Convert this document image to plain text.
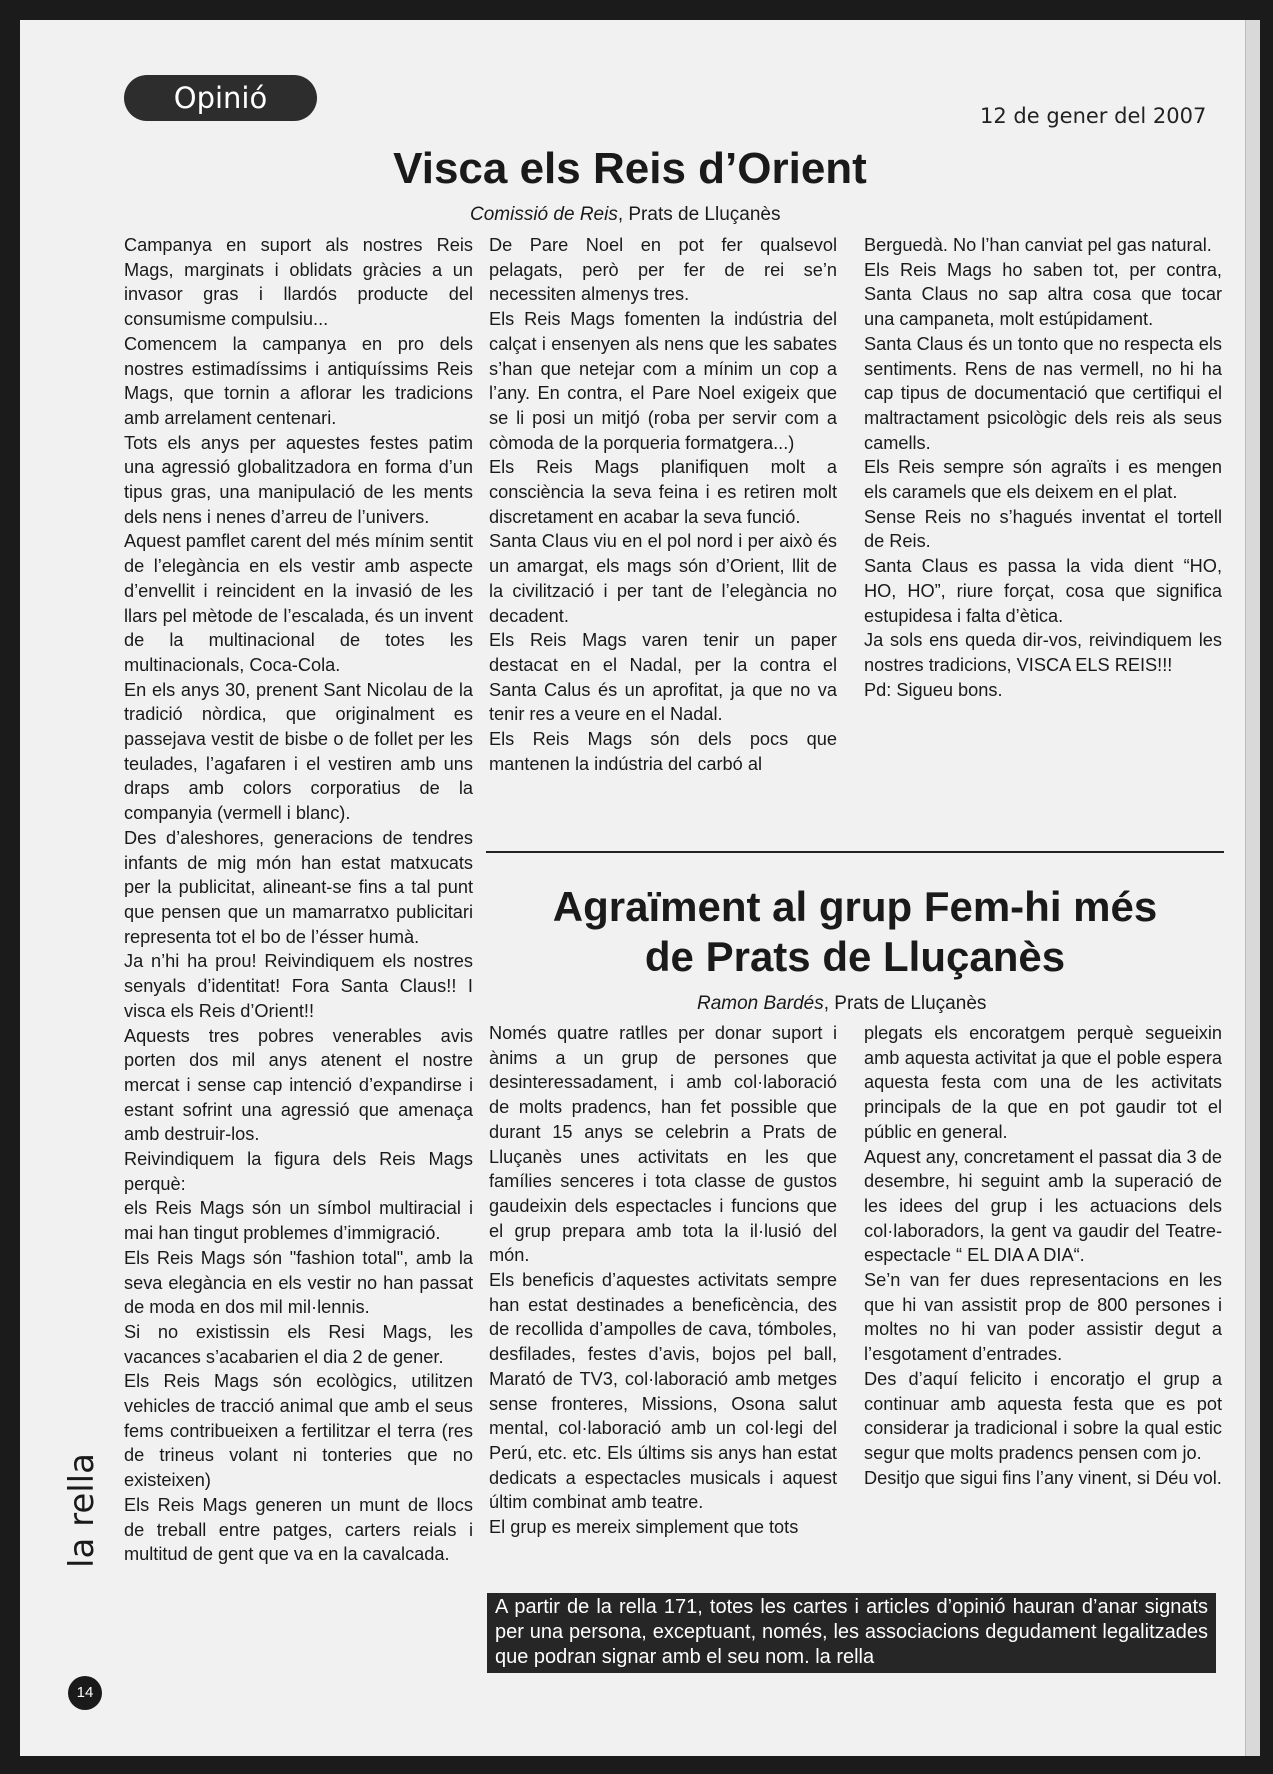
Opinió
12 de gener del 2007
Visca els Reis d’Orient
Comissió de Reis, Prats de Lluçanès

Campanya en suport als nostres Reis Mags, marginats i oblidats gràcies a un invasor gras i llardós producte del consumisme compulsiu...

Comencem la campanya en pro dels nostres estimadíssims i antiquíssims Reis Mags, que tornin a aflorar les tradicions amb arrelament centenari.

Tots els anys per aquestes festes patim una agressió globalitzadora en forma d’un tipus gras, una manipulació de les ments dels nens i nenes d’arreu de l’univers.

Aquest pamflet carent del més mínim sentit de l’elegància en els vestir amb aspecte d’envellit i reincident en la invasió de les llars pel mètode de l’escalada, és un invent de la multinacional de totes les multinacionals, Coca-Cola.

En els anys 30, prenent Sant Nicolau de la tradició nòrdica, que originalment es passejava vestit de bisbe o de follet per les teulades, l’agafaren i el vestiren amb uns draps amb colors corporatius de la companyia (vermell i blanc).

Des d’aleshores, generacions de tendres infants de mig món han estat matxucats per la publicitat, alineant-se fins a tal punt que pensen que un mamarratxo publicitari representa tot el bo de l’ésser humà.

Ja n’hi ha prou! Reivindiquem els nostres senyals d’identitat! Fora Santa Claus!! I visca els Reis d’Orient!!

Aquests tres pobres venerables avis porten dos mil anys atenent el nostre mercat i sense cap intenció d’expandirse i estant sofrint una agressió que amenaça amb destruir-los.

Reivindiquem la figura dels Reis Mags perquè:

els Reis Mags són un símbol multiracial i mai han tingut problemes d’immigració.

Els Reis Mags són "fashion total", amb la seva elegància en els vestir no han passat de moda en dos mil mil·lennis.

Si no existissin els Resi Mags, les vacances s’acabarien el dia 2 de gener.

Els Reis Mags són ecològics, utilitzen vehicles de tracció animal que amb el seus fems contribueixen a fertilitzar el terra (res de trineus volant ni tonteries que no existeixen)

Els Reis Mags generen un munt de llocs de treball entre patges, carters reials i multitud de gent que va en la cavalcada.

De Pare Noel en pot fer qualsevol pelagats, però per fer de rei se’n necessiten almenys tres.

Els Reis Mags fomenten la indústria del calçat i ensenyen als nens que les sabates s’han que netejar com a mínim un cop a l’any. En contra, el Pare Noel exigeix que se li posi un mitjó (roba per servir com a còmoda de la porqueria formatgera...)

Els Reis Mags planifiquen molt a consciència la seva feina i es retiren molt discretament en acabar la seva funció.

Santa Claus viu en el pol nord i per això és un amargat, els mags són d’Orient, llit de la civilització i per tant de l’elegància no decadent.

Els Reis Mags varen tenir un paper destacat en el Nadal, per la contra el Santa Calus és un aprofitat, ja que no va tenir res a veure en el Nadal.

Els Reis Mags són dels pocs que mantenen la indústria del carbó al

Berguedà. No l’han canviat pel gas natural.

Els Reis Mags ho saben tot, per contra, Santa Claus no sap altra cosa que tocar una campaneta, molt estúpidament.

Santa Claus és un tonto que no respecta els sentiments. Rens de nas vermell, no hi ha cap tipus de documentació que certifiqui el maltractament psicològic dels reis als seus camells.

Els Reis sempre són agraïts i es mengen els caramels que els deixem en el plat.

Sense Reis no s’hagués inventat el tortell de Reis.

Santa Claus es passa la vida dient “HO, HO, HO”, riure forçat, cosa que significa estupidesa i falta d’ètica.

Ja sols ens queda dir-vos, reivindiquem les nostres tradicions, VISCA ELS REIS!!!

Pd: Sigueu bons.

Agraïment al grup Fem-hi més
de Prats de Lluçanès
Ramon Bardés, Prats de Lluçanès

Només quatre ratlles per donar suport i ànims a un grup de persones que desinteressadament, i amb col·laboració de molts pradencs, han fet possible que durant 15 anys se celebrin a Prats de Lluçanès unes activitats en les que famílies senceres i tota classe de gustos gaudeixin dels espectacles i funcions que el grup prepara amb tota la il·lusió del món.

Els beneficis d’aquestes activitats sempre han estat destinades a beneficència, des de recollida d’ampolles de cava, tómboles, desfilades, festes d’avis, bojos pel ball, Marató de TV3, col·laboració amb metges sense fronteres, Missions, Osona salut mental, col·laboració amb un col·legi del Perú, etc. etc. Els últims sis anys han estat dedicats a espectacles musicals i aquest últim combinat amb teatre.

El grup es mereix simplement que tots

plegats els encoratgem perquè segueixin amb aquesta activitat ja que el poble espera aquesta festa com una de les activitats principals de la que en pot gaudir tot el públic en general.

Aquest any, concretament el passat dia 3 de desembre, hi seguint amb la superació de les idees del grup i les actuacions dels col·laboradors, la gent va gaudir del Teatre-espectacle “ EL DIA A DIA“.

Se’n van fer dues representacions en les que hi van assistit prop de 800 persones i moltes no hi van poder assistir degut a l’esgotament d’entrades.

Des d’aquí felicito i encoratjo el grup a continuar amb aquesta festa que es pot considerar ja tradicional i sobre la qual estic segur que molts pradencs pensen com jo.

Desitjo que sigui fins l’any vinent, si Déu vol.

A partir de la rella 171, totes les cartes i articles d’opinió hauran d’anar signats per una persona, exceptuant, només, les associacions degudament legalitzades que podran signar amb el seu nom. la rella
la rella
14
